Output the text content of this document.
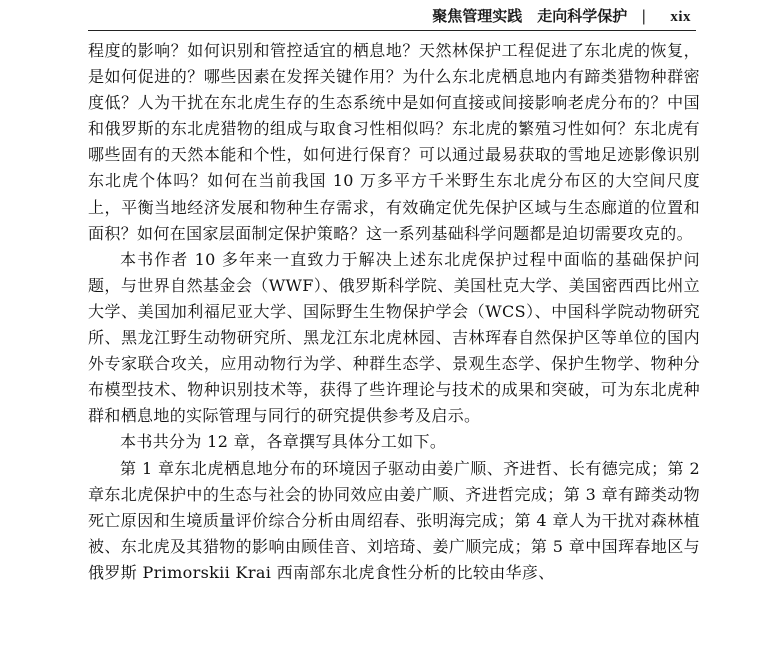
聚焦管理实践　走向科学保护 | xix

程度的影响？如何识别和管控适宜的栖息地？天然林保护工程促进了东北虎的恢复，是如何促进的？哪些因素在发挥关键作用？为什么东北虎栖息地内有蹄类猎物种群密度低？人为干扰在东北虎生存的生态系统中是如何直接或间接影响老虎分布的？中国和俄罗斯的东北虎猎物的组成与取食习性相似吗？东北虎的繁殖习性如何？东北虎有哪些固有的天然本能和个性，如何进行保育？可以通过最易获取的雪地足迹影像识别东北虎个体吗？如何在当前我国 10 万多平方千米野生东北虎分布区的大空间尺度上，平衡当地经济发展和物种生存需求，有效确定优先保护区域与生态廊道的位置和面积？如何在国家层面制定保护策略？这一系列基础科学问题都是迫切需要攻克的。

本书作者 10 多年来一直致力于解决上述东北虎保护过程中面临的基础保护问题，与世界自然基金会（WWF）、俄罗斯科学院、美国杜克大学、美国密西西比州立大学、美国加利福尼亚大学、国际野生生物保护学会（WCS）、中国科学院动物研究所、黑龙江野生动物研究所、黑龙江东北虎林园、吉林珲春自然保护区等单位的国内外专家联合攻关，应用动物行为学、种群生态学、景观生态学、保护生物学、物种分布模型技术、物种识别技术等，获得了些许理论与技术的成果和突破，可为东北虎种群和栖息地的实际管理与同行的研究提供参考及启示。

本书共分为 12 章，各章撰写具体分工如下。

第 1 章东北虎栖息地分布的环境因子驱动由姜广顺、齐进哲、长有德完成；第 2 章东北虎保护中的生态与社会的协同效应由姜广顺、齐进哲完成；第 3 章有蹄类动物死亡原因和生境质量评价综合分析由周绍春、张明海完成；第 4 章人为干扰对森林植被、东北虎及其猎物的影响由顾佳音、刘培琦、姜广顺完成；第 5 章中国珲春地区与俄罗斯 Primorskii Krai 西南部东北虎食性分析的比较由华彦、
